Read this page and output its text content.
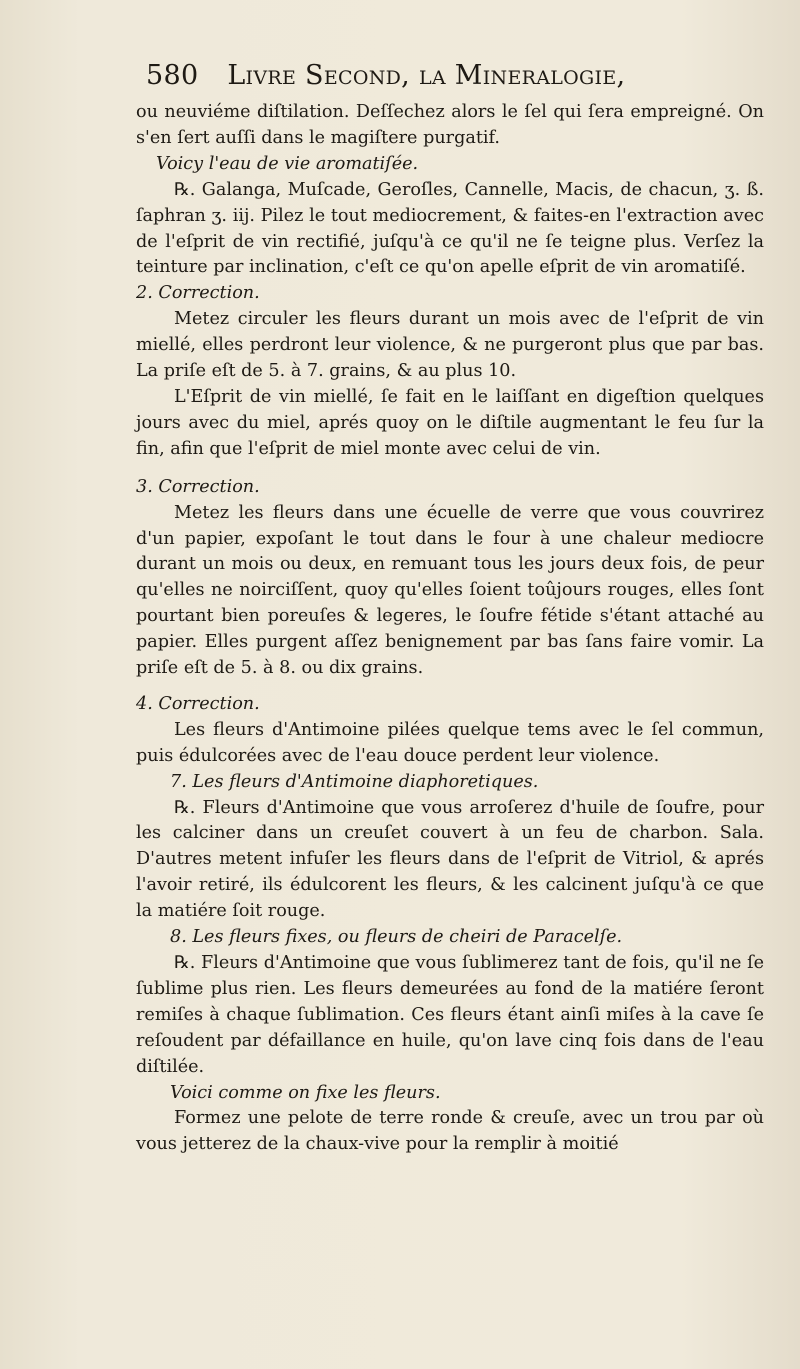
580 Livre Second, la Mineralogie,

ou neuviéme diſtilation. Deſſechez alors le ſel qui ſera empreigné. On s'en ſert auſſi dans le magiſtere purgatif.

Voicy l'eau de vie aromatiſée.

℞. Galanga, Muſcade, Geroſles, Cannelle, Macis, de chacun, ʒ. ß. ſaphran ʒ. iij. Pilez le tout mediocrement, & faites-en l'extraction avec de l'eſprit de vin rectifié, juſqu'à ce qu'il ne ſe teigne plus. Verſez la teinture par inclination, c'eſt ce qu'on apelle eſprit de vin aromatiſé.

2. Correction.

Metez circuler les fleurs durant un mois avec de l'eſprit de vin miellé, elles perdront leur violence, & ne purgeront plus que par bas. La priſe eſt de 5. à 7. grains, & au plus 10.

L'Eſprit de vin miellé, ſe fait en le laiſſant en digeſtion quelques jours avec du miel, aprés quoy on le diſtile augmentant le feu ſur la fin, afin que l'eſprit de miel monte avec celui de vin.

3. Correction.

Metez les fleurs dans une écuelle de verre que vous couvrirez d'un papier, expoſant le tout dans le four à une chaleur mediocre durant un mois ou deux, en remuant tous les jours deux fois, de peur qu'elles ne noirciſſent, quoy qu'elles ſoient toûjours rouges, elles ſont pourtant bien poreuſes & legeres, le ſoufre fétide s'étant attaché au papier. Elles purgent aſſez benignement par bas ſans faire vomir. La priſe eſt de 5. à 8. ou dix grains.

4. Correction.

Les fleurs d'Antimoine pilées quelque tems avec le ſel commun, puis édulcorées avec de l'eau douce perdent leur violence.

7. Les fleurs d'Antimoine diaphoretiques.

℞. Fleurs d'Antimoine que vous arroſerez d'huile de ſoufre, pour les calciner dans un creuſet couvert à un feu de charbon. Sala. D'autres metent infuſer les fleurs dans de l'eſprit de Vitriol, & aprés l'avoir retiré, ils édulcorent les fleurs, & les calcinent juſqu'à ce que la matiére ſoit rouge.

8. Les fleurs fixes, ou fleurs de cheiri de Paracelſe.

℞. Fleurs d'Antimoine que vous ſublimerez tant de fois, qu'il ne ſe ſublime plus rien. Les fleurs demeurées au fond de la matiére ſeront remiſes à chaque ſublimation. Ces fleurs étant ainſi miſes à la cave ſe reſoudent par défaillance en huile, qu'on lave cinq fois dans de l'eau diſtilée.

Voici comme on fixe les fleurs.

Formez une pelote de terre ronde & creuſe, avec un trou par où vous jetterez de la chaux-vive pour la remplir à moitié
